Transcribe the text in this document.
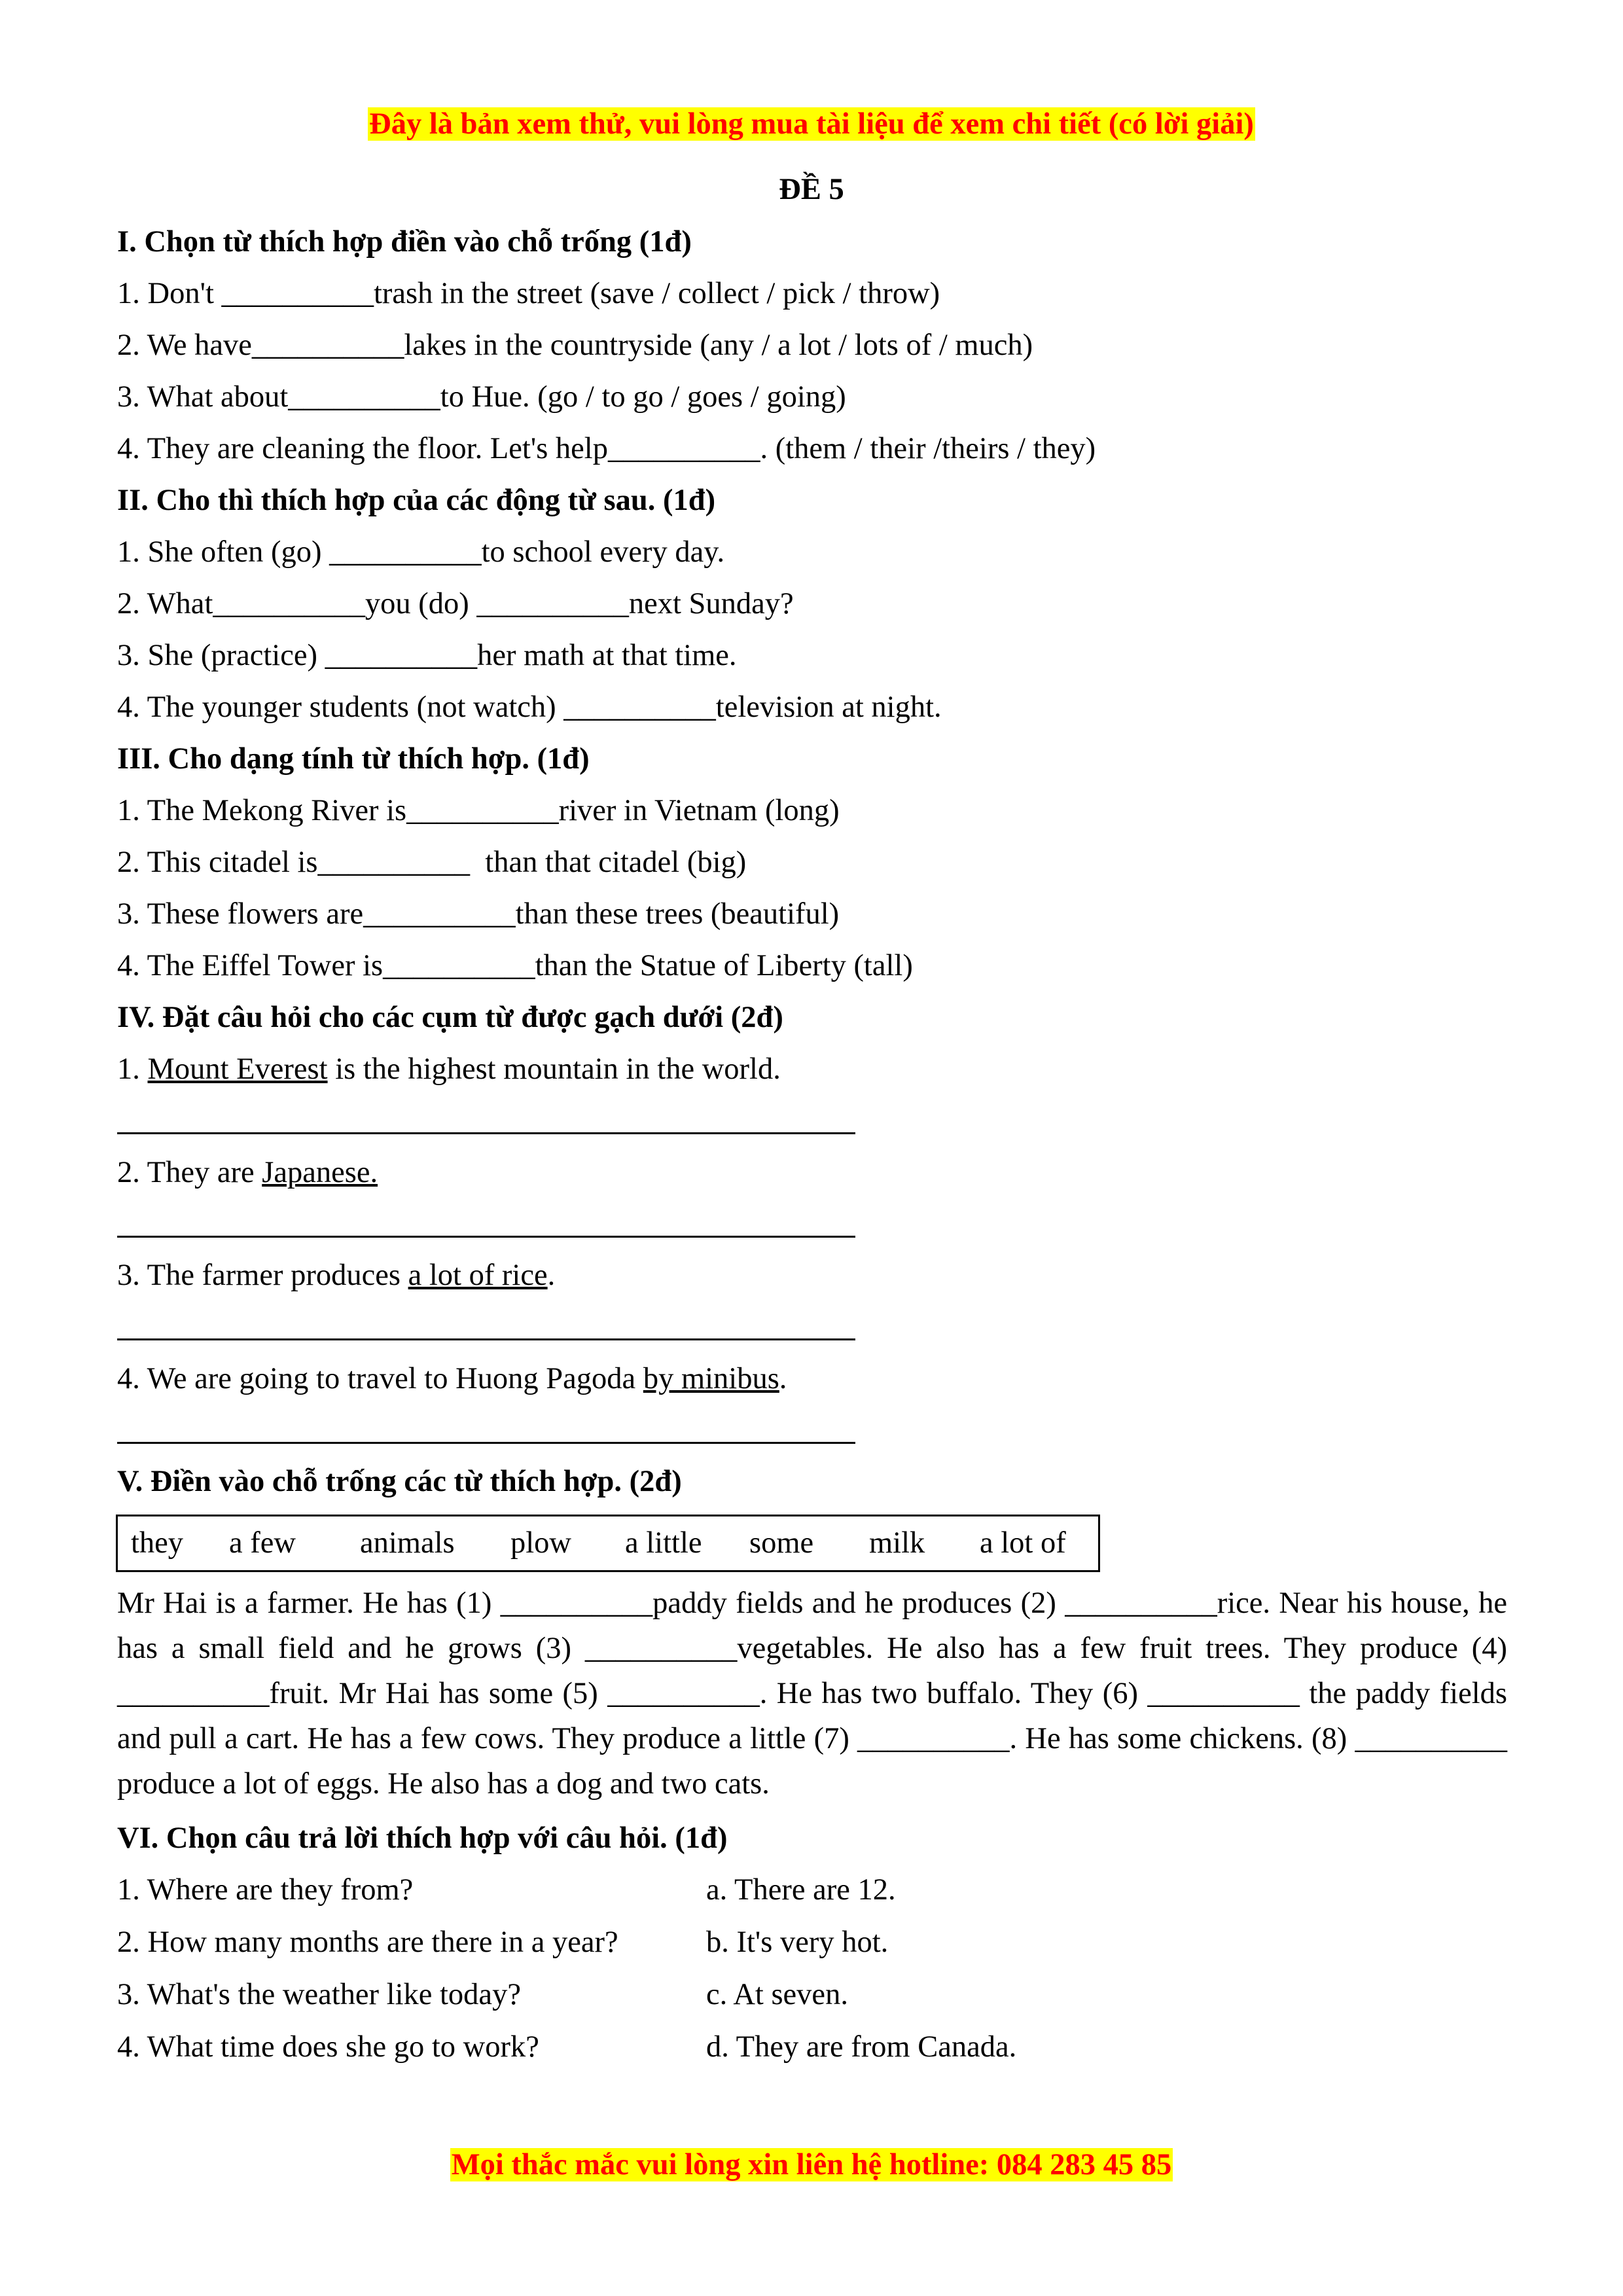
Đây là bản xem thử, vui lòng mua tài liệu để xem chi tiết (có lời giải)
ĐỀ 5
I. Chọn từ thích hợp điền vào chỗ trống (1đ)
1. Don't __________trash in the street (save / collect / pick / throw)
2. We have__________lakes in the countryside (any / a lot / lots of / much)
3. What about__________to Hue. (go / to go / goes / going)
4. They are cleaning the floor. Let's help__________. (them / their /theirs / they)
II. Cho thì thích hợp của các động từ sau. (1đ)
1. She often (go) __________to school every day.
2. What__________you (do) __________next Sunday?
3. She (practice) __________her math at that time.
4. The younger students (not watch) __________television at night.
III. Cho dạng tính từ thích hợp. (1đ)
1. The Mekong River is__________river in Vietnam (long)
2. This citadel is__________  than that citadel (big)
3. These flowers are__________than these trees (beautiful)
4. The Eiffel Tower is__________than the Statue of Liberty (tall)
IV. Đặt câu hỏi cho các cụm từ được gạch dưới (2đ)
1. Mount Everest is the highest mountain in the world.
2. They are Japanese.
3. The farmer produces a lot of rice.
4. We are going to travel to Huong Pagoda by minibus.
V. Điền vào chỗ trống các từ thích hợp. (2đ)
they a few animals plow a little some milk a lot of
Mr Hai is a farmer. He has (1) __________paddy fields and he produces (2) __________rice. Near his house, he has a small field and he grows (3) __________vegetables. He also has a few fruit trees. They produce (4) __________fruit. Mr Hai has some (5) __________. He has two buffalo. They (6) __________ the paddy fields and pull a cart. He has a few cows. They produce a little (7) __________. He has some chickens. (8) __________ produce a lot of eggs. He also has a dog and two cats.
VI. Chọn câu trả lời thích hợp với câu hỏi. (1đ)
1. Where are they from?	a. There are 12.
2. How many months are there in a year?	b. It's very hot.
3. What's the weather like today?	c. At seven.
4. What time does she go to work?	d. They are from Canada.
Mọi thắc mắc vui lòng xin liên hệ hotline: 084 283 45 85
